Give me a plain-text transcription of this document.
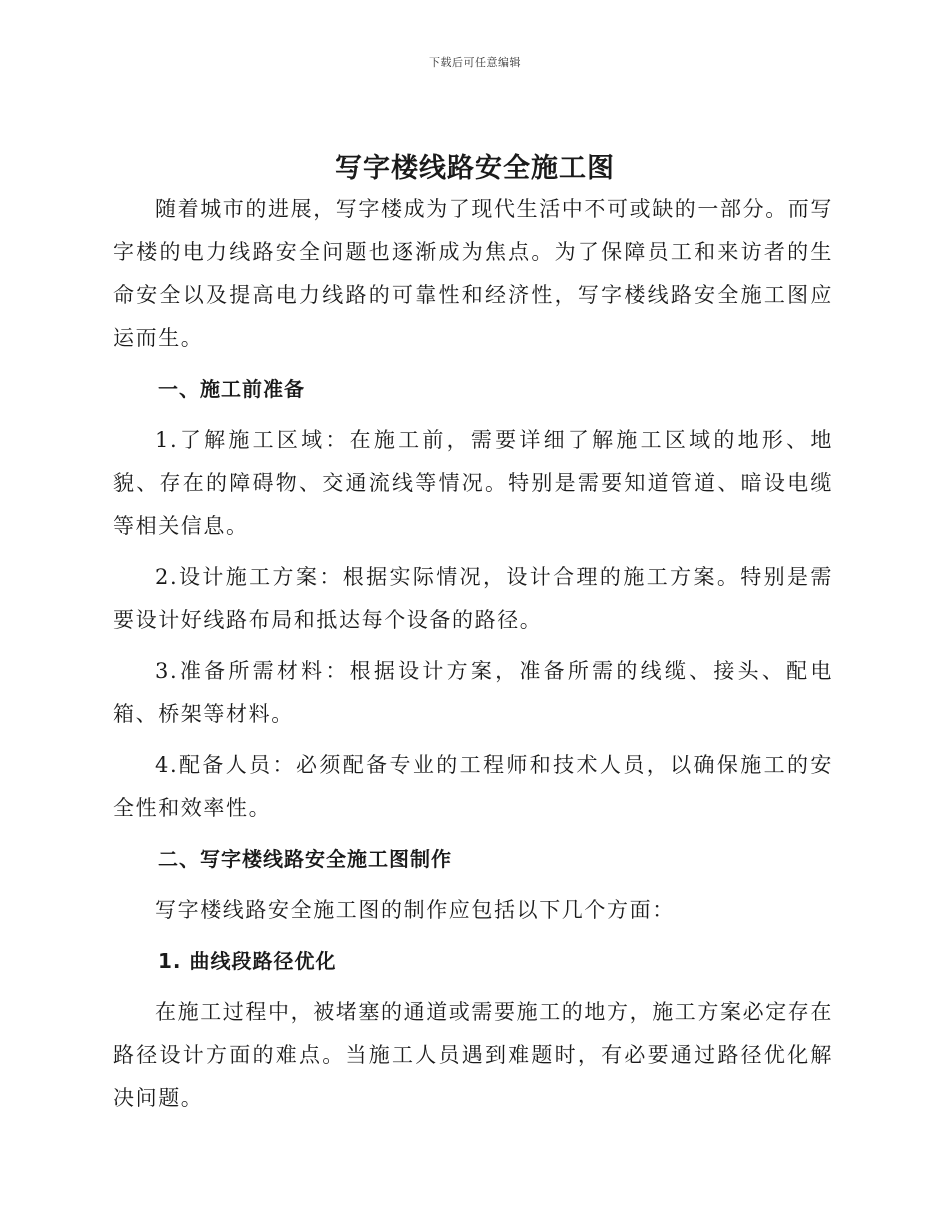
下载后可任意编辑
写字楼线路安全施工图

随着城市的进展，写字楼成为了现代生活中不可或缺的一部分。而写字楼的电力线路安全问题也逐渐成为焦点。为了保障员工和来访者的生命安全以及提高电力线路的可靠性和经济性，写字楼线路安全施工图应运而生。

一、施工前准备

1.了解施工区域：在施工前，需要详细了解施工区域的地形、地貌、存在的障碍物、交通流线等情况。特别是需要知道管道、暗设电缆等相关信息。

2.设计施工方案：根据实际情况，设计合理的施工方案。特别是需要设计好线路布局和抵达每个设备的路径。

3.准备所需材料：根据设计方案，准备所需的线缆、接头、配电箱、桥架等材料。

4.配备人员：必须配备专业的工程师和技术人员，以确保施工的安全性和效率性。

二、写字楼线路安全施工图制作

写字楼线路安全施工图的制作应包括以下几个方面：

1. 曲线段路径优化

在施工过程中，被堵塞的通道或需要施工的地方，施工方案必定存在路径设计方面的难点。当施工人员遇到难题时，有必要通过路径优化解决问题。
